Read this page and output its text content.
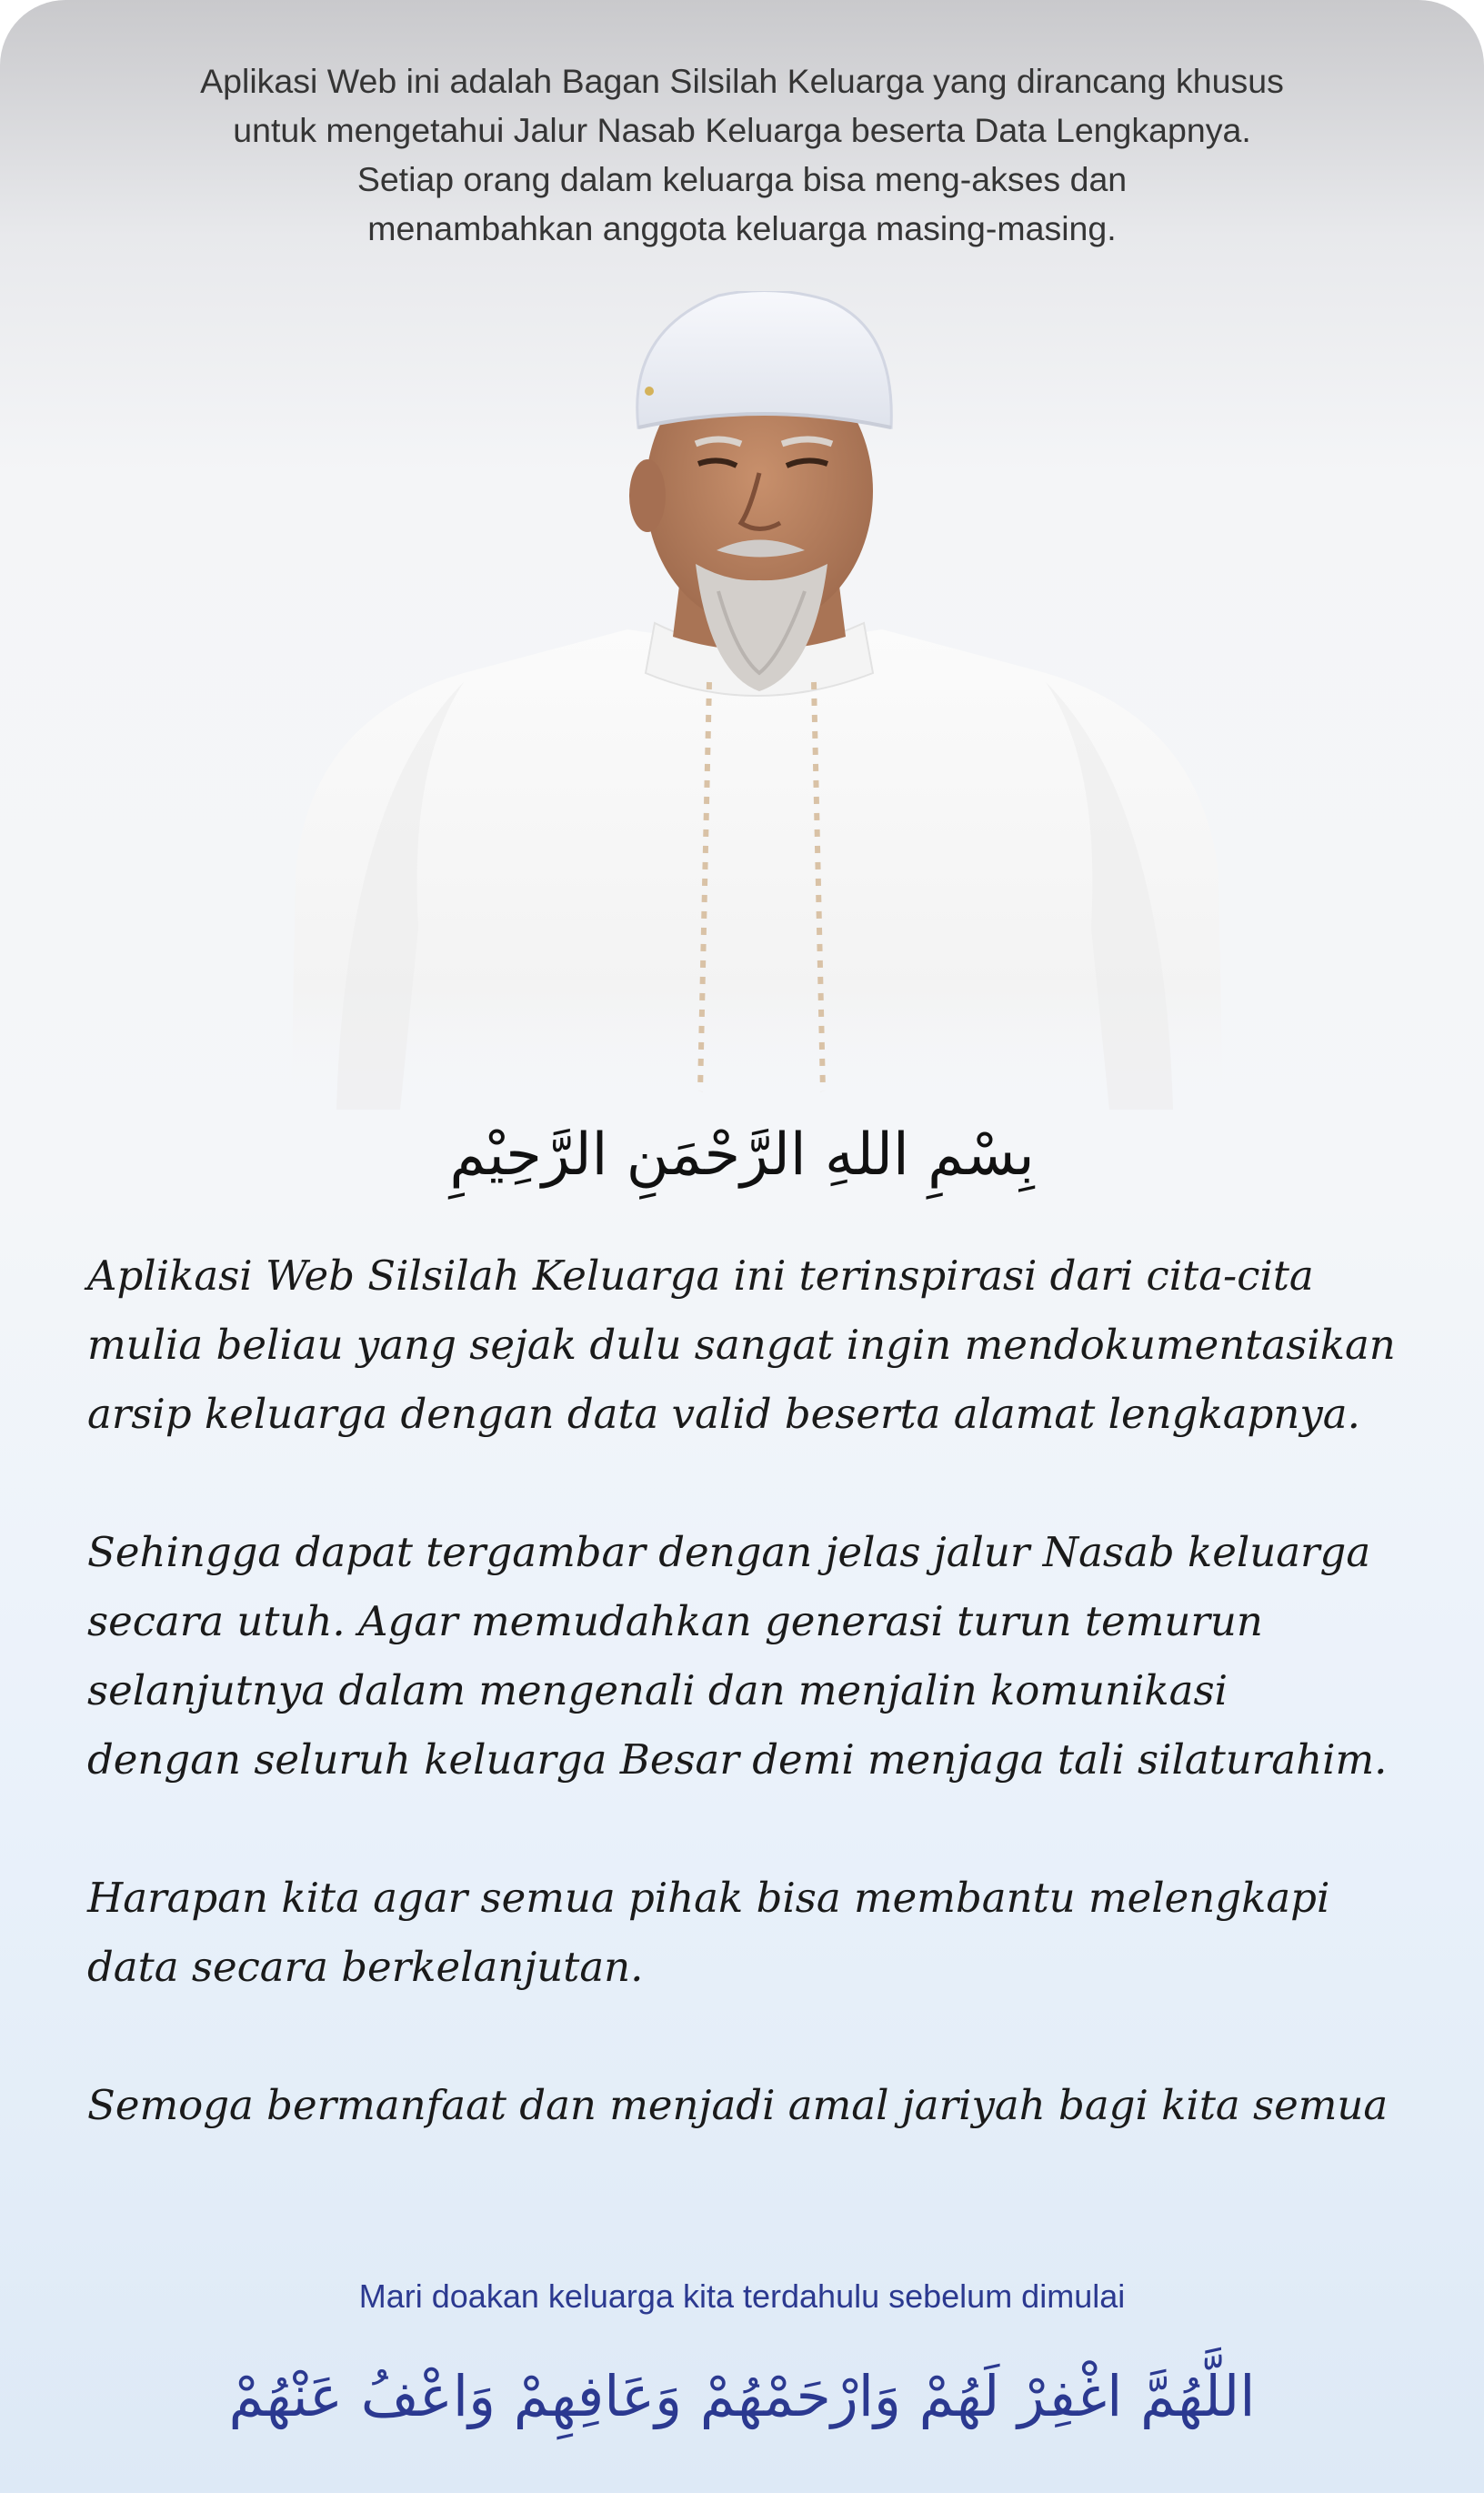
Aplikasi Web ini adalah Bagan Silsilah Keluarga yang dirancang khusus
untuk mengetahui Jalur Nasab Keluarga beserta Data Lengkapnya.
Setiap orang dalam keluarga bisa meng-akses dan
menambahkan anggota keluarga masing-masing.
بِسْمِ اللهِ الرَّحْمَنِ الرَّحِيْمِ

Aplikasi Web Silsilah Keluarga ini terinspirasi dari cita-cita
mulia beliau yang sejak dulu sangat ingin mendokumentasikan
arsip keluarga dengan data valid beserta alamat lengkapnya.

Sehingga dapat tergambar dengan jelas jalur Nasab keluarga
secara utuh. Agar memudahkan generasi turun temurun
selanjutnya dalam mengenali dan menjalin komunikasi
dengan seluruh keluarga Besar demi menjaga tali silaturahim.

Harapan kita agar semua pihak bisa membantu melengkapi
data secara berkelanjutan.

Semoga bermanfaat dan menjadi amal jariyah bagi kita semua

Mari doakan keluarga kita terdahulu sebelum dimulai
اللَّهُمَّ اغْفِرْ لَهُمْ وَارْحَمْهُمْ وَعَافِهِمْ وَاعْفُ عَنْهُمْ
